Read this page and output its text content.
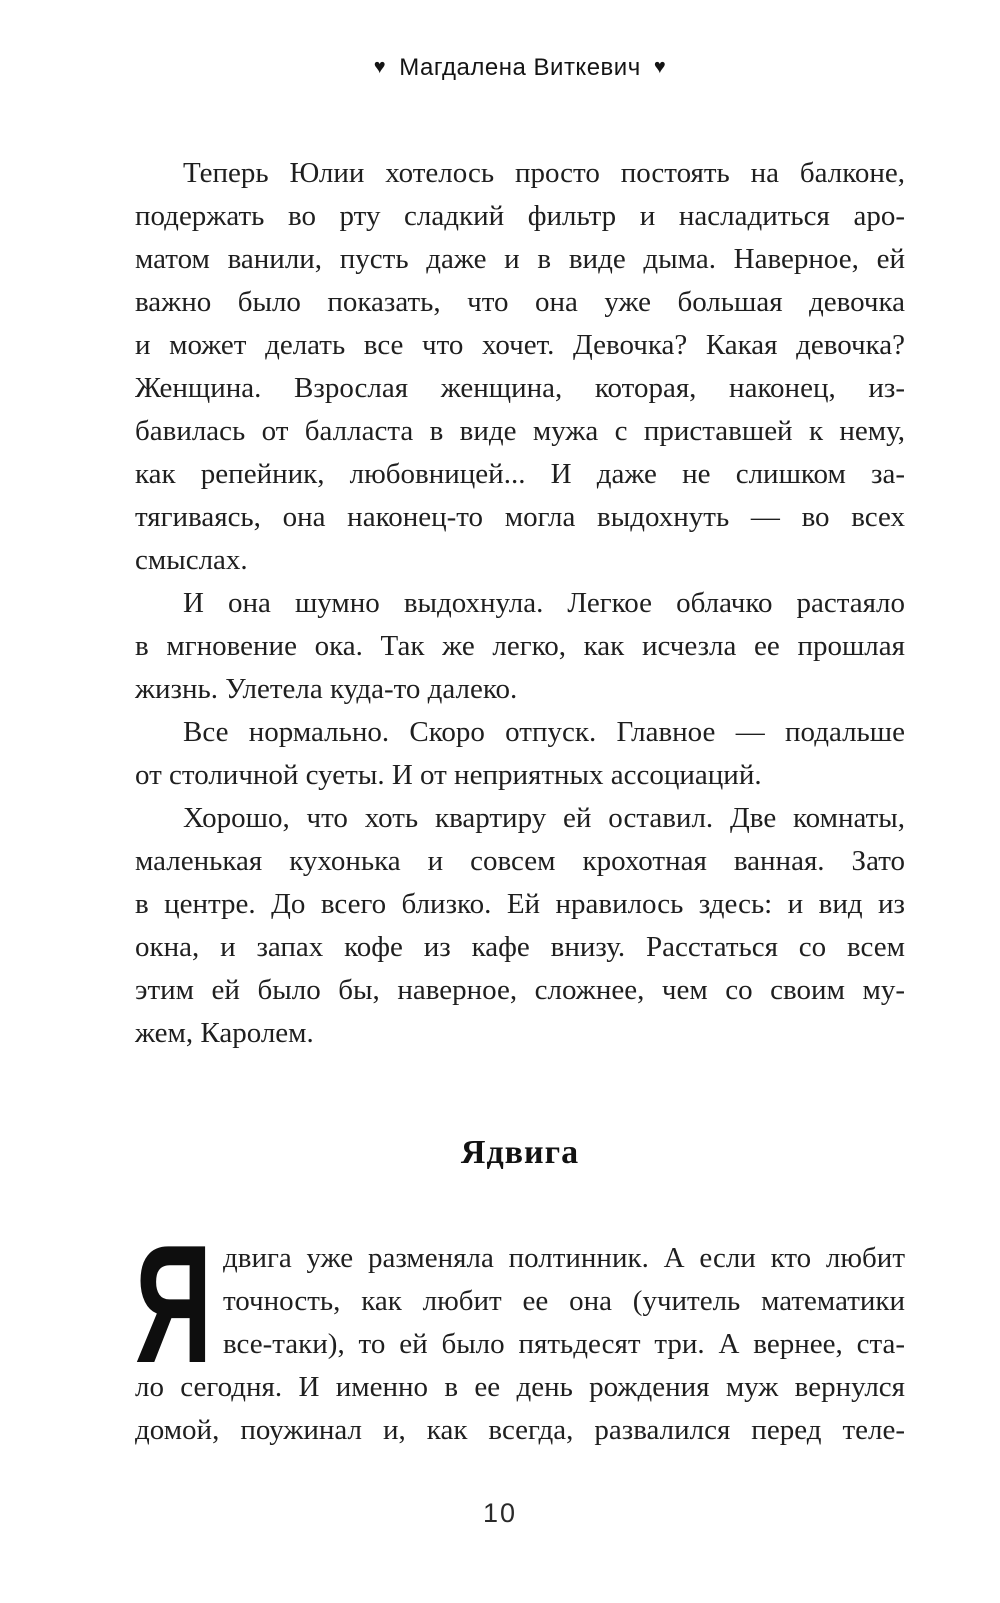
♥ Магдалена Виткевич ♥
Теперь Юлии хотелось просто постоять на балконе,
подержать во рту сладкий фильтр и насладиться аро-
матом ванили, пусть даже и в виде дыма. Наверное, ей
важно было показать, что она уже большая девочка
и может делать все что хочет. Девочка? Какая девочка?
Женщина. Взрослая женщина, которая, наконец, из-
бавилась от балласта в виде мужа с приставшей к нему,
как репейник, любовницей... И даже не слишком за-
тягиваясь, она наконец-то могла выдохнуть — во всех
смыслах.
И она шумно выдохнула. Легкое облачко растаяло
в мгновение ока. Так же легко, как исчезла ее прошлая
жизнь. Улетела куда-то далеко.
Все нормально. Скоро отпуск. Главное — подальше
от столичной суеты. И от неприятных ассоциаций.
Хорошо, что хоть квартиру ей оставил. Две комнаты,
маленькая кухонька и совсем крохотная ванная. Зато
в центре. До всего близко. Ей нравилось здесь: и вид из
окна, и запах кофе из кафе внизу. Расстаться со всем
этим ей было бы, наверное, сложнее, чем со своим му-
жем, Каролем.
Ядвига
Я двига уже разменяла полтинник. А если кто любит
точность, как любит ее она (учитель математики
все-таки), то ей было пятьдесят три. А вернее, ста-
ло сегодня. И именно в ее день рождения муж вернулся
домой, поужинал и, как всегда, развалился перед теле-
10
